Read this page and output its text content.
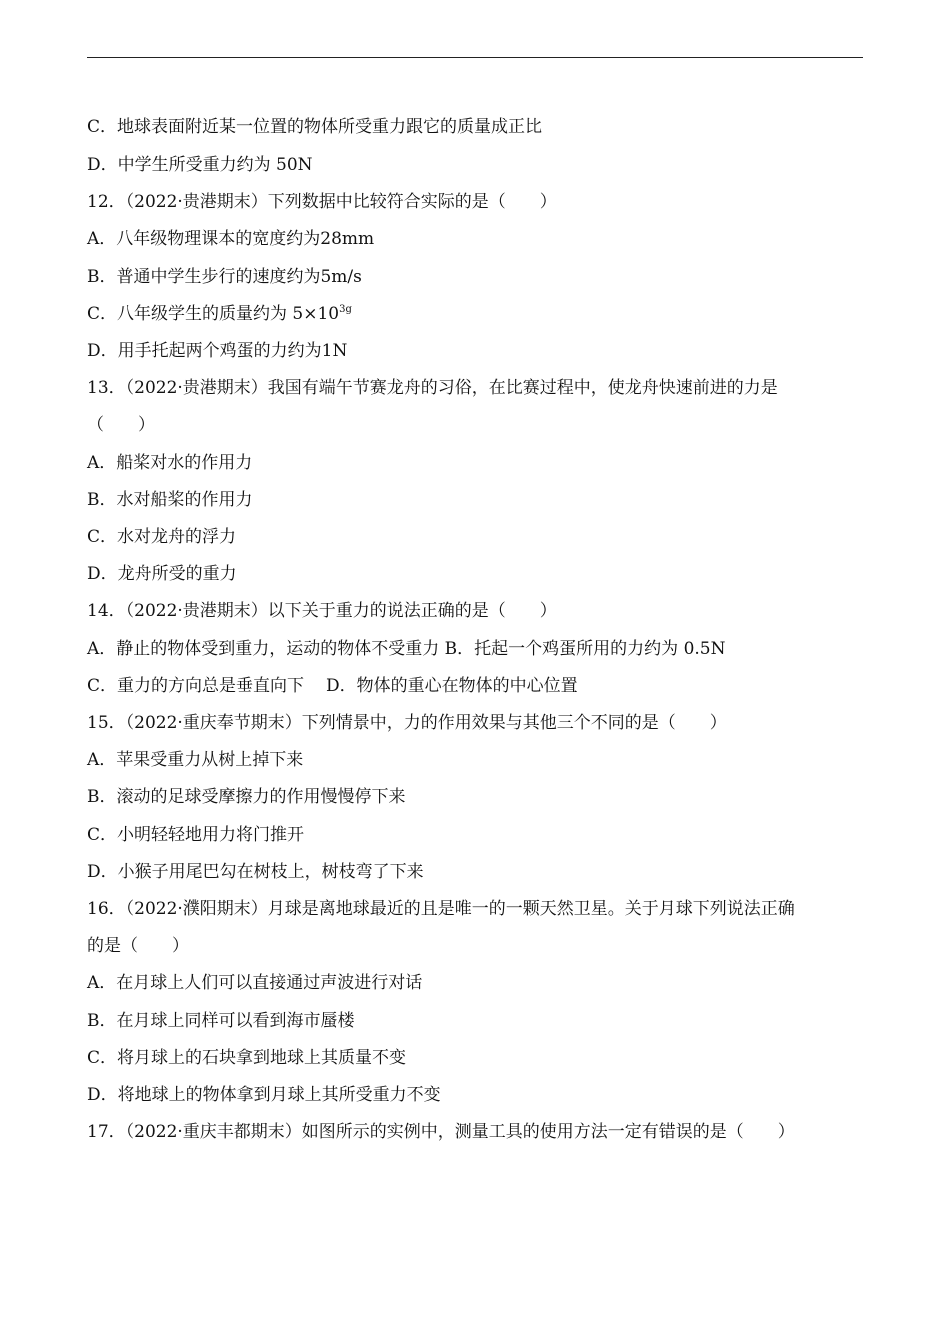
C．地球表面附近某一位置的物体所受重力跟它的质量成正比
D．中学生所受重力约为 50N
12．（2022·贵港期末）下列数据中比较符合实际的是（　　）
A．八年级物理课本的宽度约为28mm
B．普通中学生步行的速度约为5m/s
C．八年级学生的质量约为 $5\times 10^{3g}$
D．用手托起两个鸡蛋的力约为1N
13．（2022·贵港期末）我国有端午节赛龙舟的习俗，在比赛过程中，使龙舟快速前进的力是
（　　）
A．船桨对水的作用力
B．水对船桨的作用力
C．水对龙舟的浮力
D．龙舟所受的重力
14．（2022·贵港期末）以下关于重力的说法正确的是（　　）
A．静止的物体受到重力，运动的物体不受重力 B．托起一个鸡蛋所用的力约为 0.5N
C．重力的方向总是垂直向下 D．物体的重心在物体的中心位置
15．（2022·重庆奉节期末）下列情景中，力的作用效果与其他三个不同的是（　　）
A．苹果受重力从树上掉下来
B．滚动的足球受摩擦力的作用慢慢停下来
C．小明轻轻地用力将门推开
D．小猴子用尾巴勾在树枝上，树枝弯了下来
16．（2022·濮阳期末）月球是离地球最近的且是唯一的一颗天然卫星。关于月球下列说法正确
的是（　　）
A．在月球上人们可以直接通过声波进行对话
B．在月球上同样可以看到海市蜃楼
C．将月球上的石块拿到地球上其质量不变
D．将地球上的物体拿到月球上其所受重力不变
17．（2022·重庆丰都期末）如图所示的实例中，测量工具的使用方法一定有错误的是（　　）
